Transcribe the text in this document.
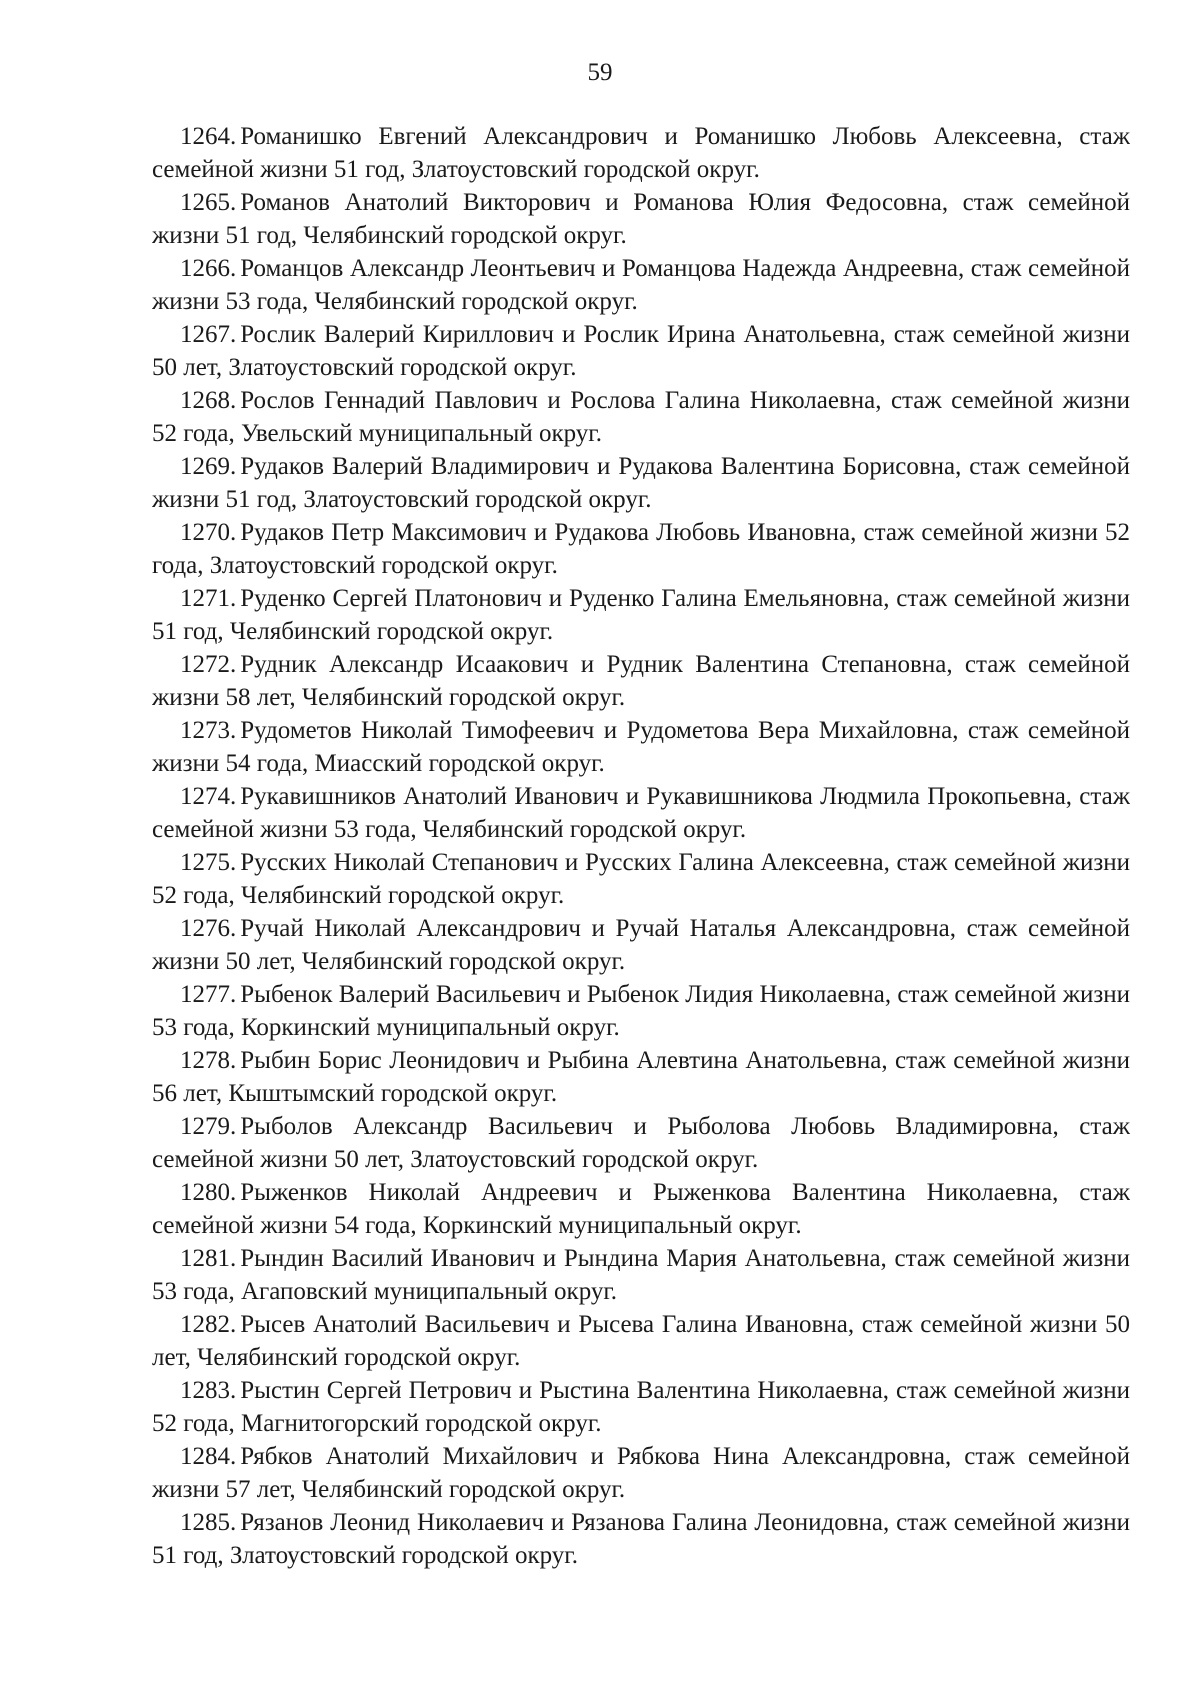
59

1264. Романишко Евгений Александрович и Романишко Любовь Алексеевна, стаж семейной жизни 51 год, Златоустовский городской округ.

1265. Романов Анатолий Викторович и Романова Юлия Федосовна, стаж семейной жизни 51 год, Челябинский городской округ.

1266. Романцов Александр Леонтьевич и Романцова Надежда Андреевна, стаж семейной жизни 53 года, Челябинский городской округ.

1267. Рослик Валерий Кириллович и Рослик Ирина Анатольевна, стаж семейной жизни 50 лет, Златоустовский городской округ.

1268. Рослов Геннадий Павлович и Рослова Галина Николаевна, стаж семейной жизни 52 года, Увельский муниципальный округ.

1269. Рудаков Валерий Владимирович и Рудакова Валентина Борисовна, стаж семейной жизни 51 год, Златоустовский городской округ.

1270. Рудаков Петр Максимович и Рудакова Любовь Ивановна, стаж семейной жизни 52 года, Златоустовский городской округ.

1271. Руденко Сергей Платонович и Руденко Галина Емельяновна, стаж семейной жизни 51 год, Челябинский городской округ.

1272. Рудник Александр Исаакович и Рудник Валентина Степановна, стаж семейной жизни 58 лет, Челябинский городской округ.

1273. Рудометов Николай Тимофеевич и Рудометова Вера Михайловна, стаж семейной жизни 54 года, Миасский городской округ.

1274. Рукавишников Анатолий Иванович и Рукавишникова Людмила Прокопьевна, стаж семейной жизни 53 года, Челябинский городской округ.

1275. Русских Николай Степанович и Русских Галина Алексеевна, стаж семейной жизни 52 года, Челябинский городской округ.

1276. Ручай Николай Александрович и Ручай Наталья Александровна, стаж семейной жизни 50 лет, Челябинский городской округ.

1277. Рыбенок Валерий Васильевич и Рыбенок Лидия Николаевна, стаж семейной жизни 53 года, Коркинский муниципальный округ.

1278. Рыбин Борис Леонидович и Рыбина Алевтина Анатольевна, стаж семейной жизни 56 лет, Кыштымский городской округ.

1279. Рыболов Александр Васильевич и Рыболова Любовь Владимировна, стаж семейной жизни 50 лет, Златоустовский городской округ.

1280. Рыженков Николай Андреевич и Рыженкова Валентина Николаевна, стаж семейной жизни 54 года, Коркинский муниципальный округ.

1281. Рындин Василий Иванович и Рындина Мария Анатольевна, стаж семейной жизни 53 года, Агаповский муниципальный округ.

1282. Рысев Анатолий Васильевич и Рысева Галина Ивановна, стаж семейной жизни 50 лет, Челябинский городской округ.

1283. Рыстин Сергей Петрович и Рыстина Валентина Николаевна, стаж семейной жизни 52 года, Магнитогорский городской округ.

1284. Рябков Анатолий Михайлович и Рябкова Нина Александровна, стаж семейной жизни 57 лет, Челябинский городской округ.

1285. Рязанов Леонид Николаевич и Рязанова Галина Леонидовна, стаж семейной жизни 51 год, Златоустовский городской округ.
